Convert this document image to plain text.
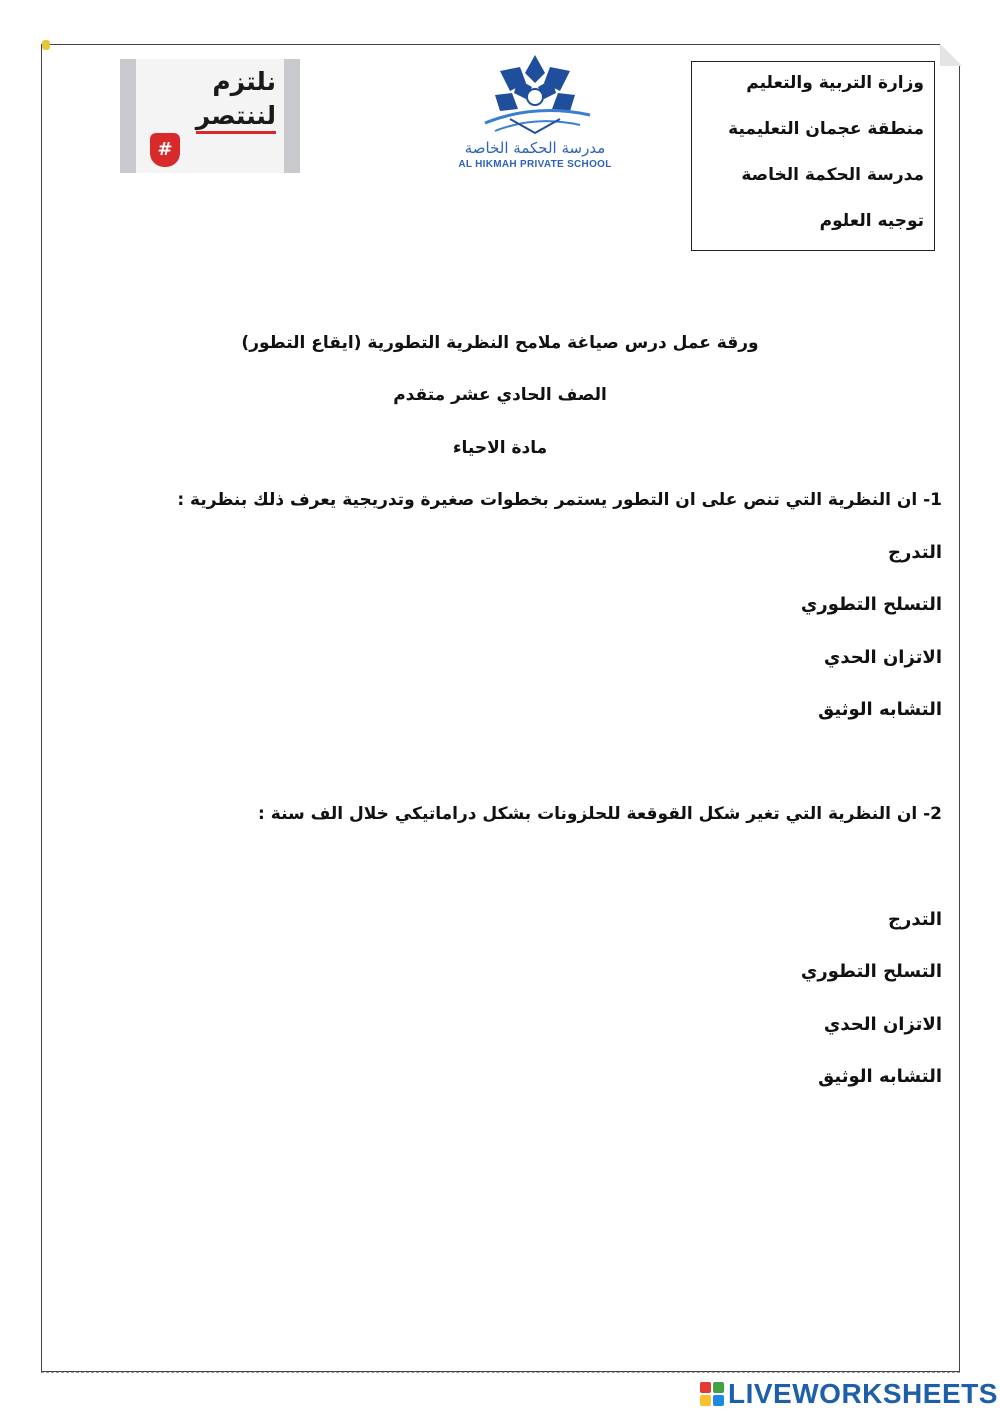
وزارة التربية والتعليم
منطقة عجمان التعليمية
مدرسة الحكمة الخاصة
توجيه العلوم
نلتزم
لننتصر
#	مدرسة الحكمة الخاصة
AL HIKMAH PRIVATE SCHOOL
ورقة عمل درس صياغة ملامح النظرية التطورية (ايقاع التطور)
الصف الحادي عشر متقدم
مادة الاحياء
1- ان النظرية التي تنص على ان التطور يستمر بخطوات صغيرة وتدريجية يعرف ذلك بنظرية :
التدرج
التسلح التطوري
الاتزان الحدي
التشابه الوثيق
2- ان النظرية التي تغير شكل القوقعة للحلزونات بشكل دراماتيكي خلال الف سنة :
التدرج
التسلح التطوري
الاتزان الحدي
التشابه الوثيق
LIVEWORKSHEETS
